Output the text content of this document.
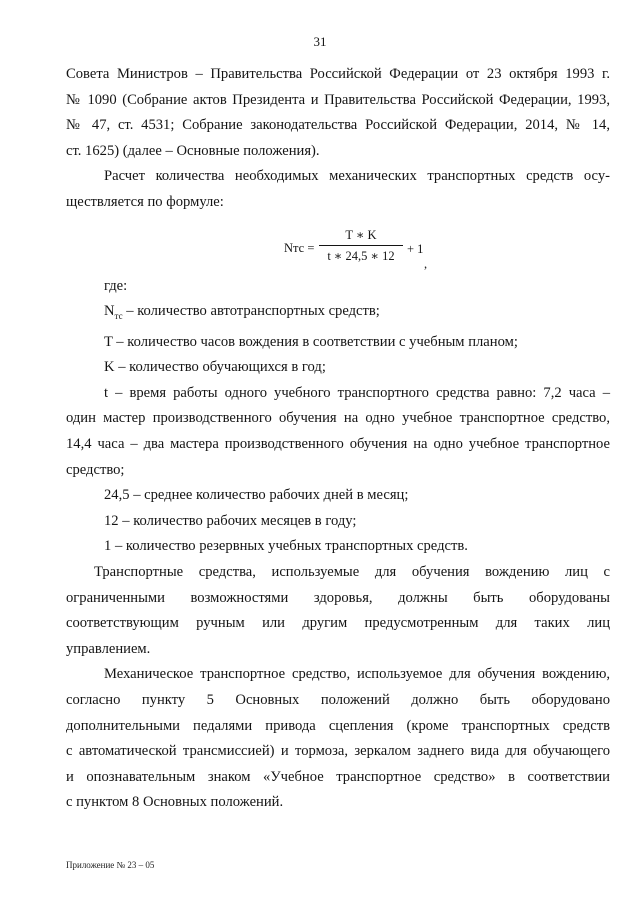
31

Совета Министров – Правительства Российской Федерации от 23 октября 1993 г.
№ 1090 (Собрание актов Президента и Правительства Российской Федерации, 1993,
№ 47, ст. 4531; Собрание законодательства Российской Федерации, 2014, № 14,
ст. 1625) (далее – Основные положения).

Расчет количества необходимых механических транспортных средств осу-
ществляется по формуле:

Nтс =
T ∗ K
t ∗ 24,5 ∗ 12 + 1
,

где:

$N_{тс}$ – количество автотранспортных средств;

T – количество часов вождения в соответствии с учебным планом;

K – количество обучающихся в год;

t – время работы одного учебного транспортного средства равно: 7,2 часа –
один мастер производственного обучения на одно учебное транспортное средство,
14,4 часа – два мастера производственного обучения на одно учебное транспортное
средство;

24,5 – среднее количество рабочих дней в месяц;

12 – количество рабочих месяцев в году;

1 – количество резервных учебных транспортных средств.

Транспортные средства, используемые для обучения вождению лиц с
ограниченными возможностями здоровья, должны быть оборудованы
соответствующим ручным или другим предусмотренным для таких лиц
управлением.

Механическое транспортное средство, используемое для обучения вождению,
согласно пункту 5 Основных положений должно быть оборудовано
дополнительными педалями привода сцепления (кроме транспортных средств
с автоматической трансмиссией) и тормоза, зеркалом заднего вида для обучающего
и опознавательным знаком «Учебное транспортное средство» в соответствии
с пунктом 8 Основных положений.

Приложение № 23 – 05
